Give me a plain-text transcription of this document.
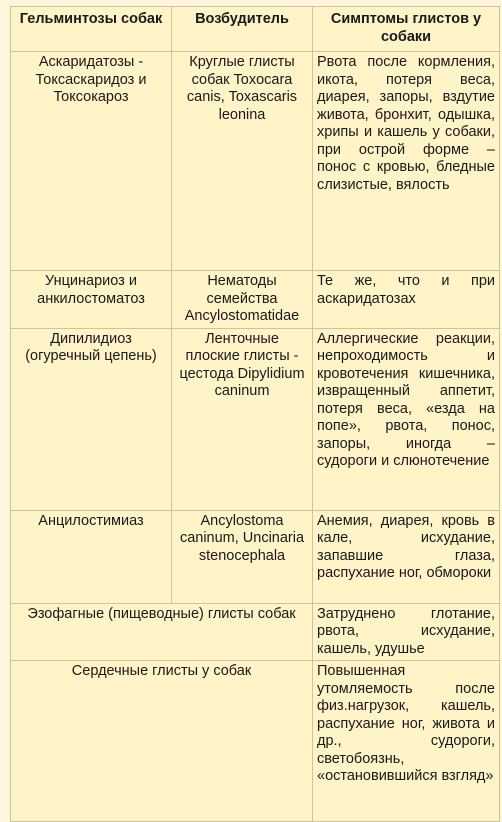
Гельминтозы собак	Возбудитель	Симптомы глистов у собаки
Аскаридатозы - Токсаскаридоз и Токсокароз	Круглые глисты собак Toxocara canis, Toxascaris leonina	Рвота после кормления, икота, потеря веса, диарея, запоры, вздутие живота, бронхит, одышка, хрипы и кашель у собаки, при острой форме – понос с кровью, бледные слизистые, вялость
Унцинариоз и анкилостоматоз	Нематоды семейства Ancylostomatidae	Те же, что и при аскаридатозах
Дипилидиоз (огуречный цепень)	Ленточные плоские глисты - цестода Dipylidium caninum	Аллергические реакции, непроходимость и кровотечения кишечника, извращенный аппетит, потеря веса, «езда на попе», рвота, понос, запоры, иногда – судороги и слюнотечение
Анцилостимиаз	Ancylostoma caninum, Uncinaria stenocephala	Анемия, диарея, кровь в кале, исхудание, запавшие глаза, распухание ног, обмороки
Эзофагные (пищеводные) глисты собак		Затруднено глотание, рвота, исхудание, кашель, удушье
Сердечные глисты у собак		Повышенная утомляемость после физ.нагрузок, кашель, распухание ног, живота и др., судороги, светобоязнь, «остановившийся взгляд»
